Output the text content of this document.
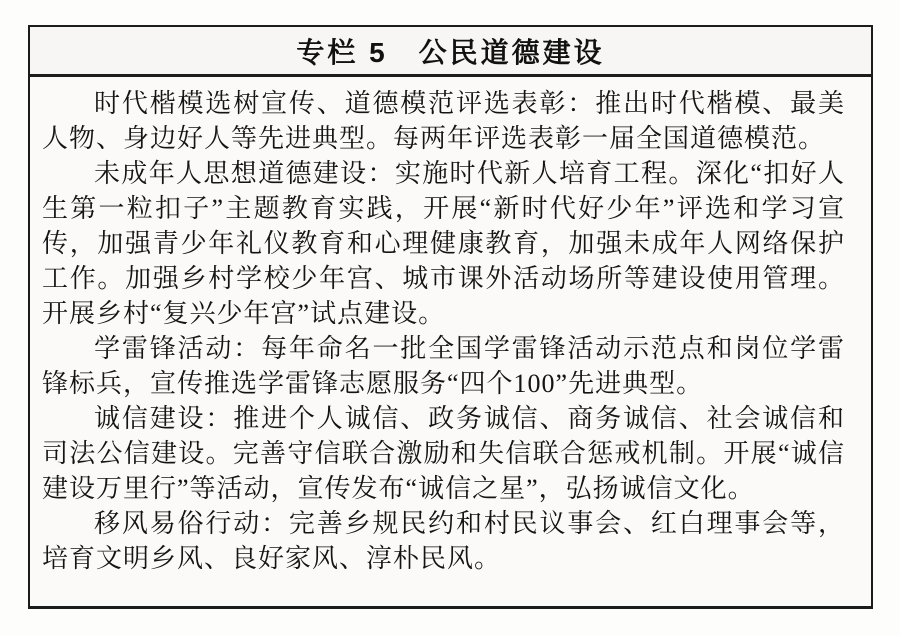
专栏 5　公民道德建设

时代楷模选树宣传、道德模范评选表彰：推出时代楷模、最美人物、身边好人等先进典型。每两年评选表彰一届全国道德模范。

未成年人思想道德建设：实施时代新人培育工程。深化“扣好人生第一粒扣子”主题教育实践，开展“新时代好少年”评选和学习宣传，加强青少年礼仪教育和心理健康教育，加强未成年人网络保护工作。加强乡村学校少年宫、城市课外活动场所等建设使用管理。开展乡村“复兴少年宫”试点建设。

学雷锋活动：每年命名一批全国学雷锋活动示范点和岗位学雷锋标兵，宣传推选学雷锋志愿服务“四个100”先进典型。

诚信建设：推进个人诚信、政务诚信、商务诚信、社会诚信和司法公信建设。完善守信联合激励和失信联合惩戒机制。开展“诚信建设万里行”等活动，宣传发布“诚信之星”，弘扬诚信文化。

移风易俗行动：完善乡规民约和村民议事会、红白理事会等，培育文明乡风、良好家风、淳朴民风。
